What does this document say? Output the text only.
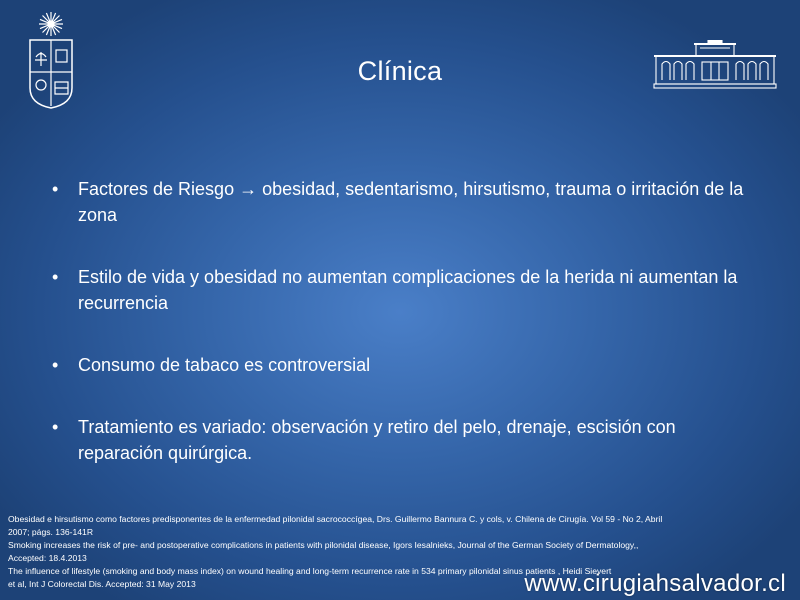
Clínica
• Factores de Riesgo → obesidad, sedentarismo, hirsutismo, trauma o irritación de la zona
• Estilo de vida y obesidad no aumentan complicaciones de la herida ni aumentan la recurrencia
• Consumo de tabaco es controversial
• Tratamiento es variado: observación y retiro del pelo, drenaje, escisión con reparación quirúrgica.
Obesidad e hirsutismo como factores predisponentes de la enfermedad pilonidal sacrococcígea, Drs. Guillermo Bannura C. y cols, v. Chilena de Cirugía. Vol 59 - No 2, Abril
2007; págs. 136-141R
Smoking increases the risk of pre- and postoperative complications in patients with pilonidal disease, Igors Iesalnieks, Journal of the German Society of Dermatology,,
Accepted: 18.4.2013
The influence of lifestyle (smoking and body mass index) on wound healing and long-term recurrence rate in 534 primary pilonidal sinus patients , Heidi Sievert
et al, Int J Colorectal Dis. Accepted: 31 May 2013	www.cirugiahsalvador.cl
